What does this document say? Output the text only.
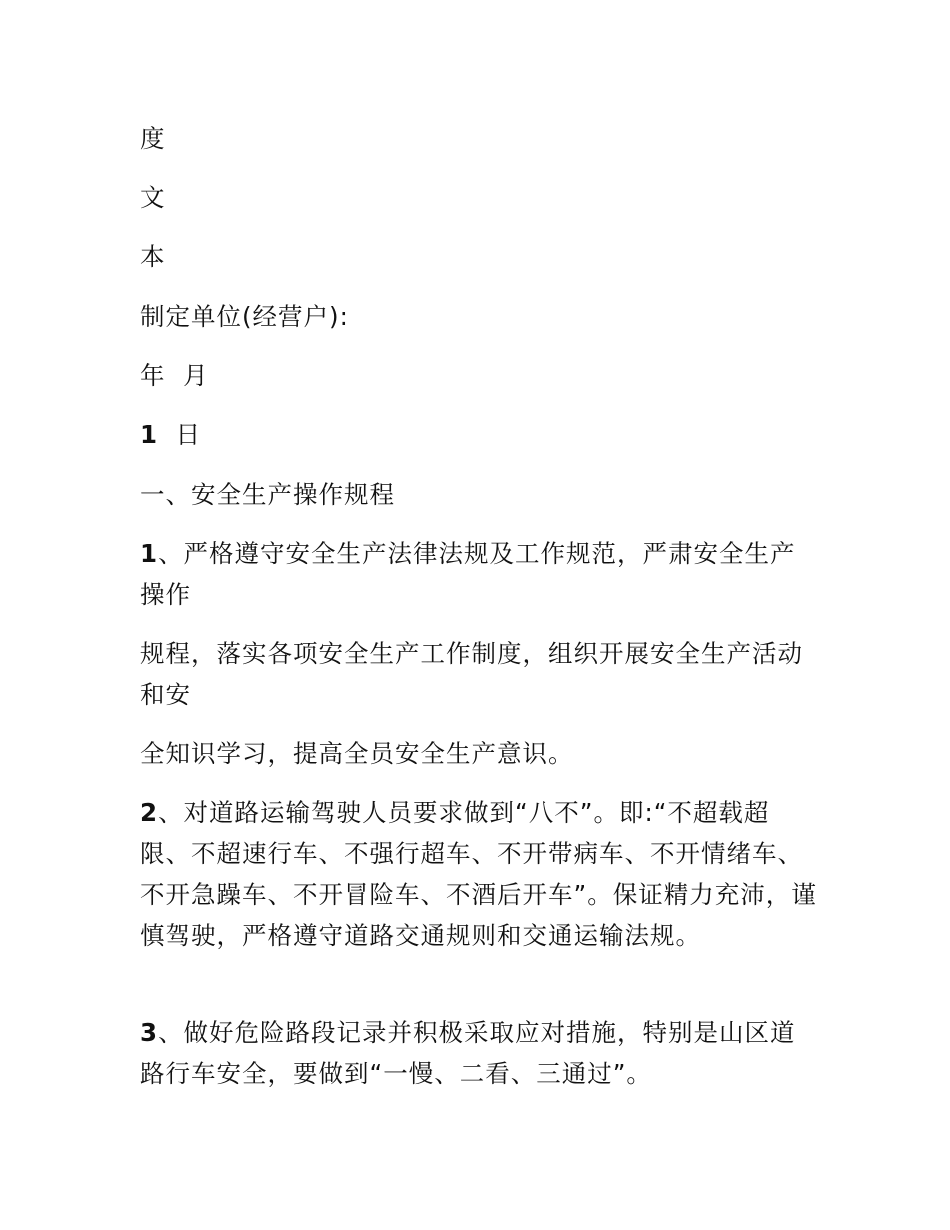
度

文

本

制定单位(经营户):

年  月

1  日

一、安全生产操作规程

1、严格遵守安全生产法律法规及工作规范，严肃安全生产操作

规程，落实各项安全生产工作制度，组织开展安全生产活动和安

全知识学习，提高全员安全生产意识。

2、对道路运输驾驶人员要求做到“八不”。即:“不超载超限、不超速行车、不强行超车、不开带病车、不开情绪车、不开急躁车、不开冒险车、不酒后开车”。保证精力充沛，谨慎驾驶，严格遵守道路交通规则和交通运输法规。

3、做好危险路段记录并积极采取应对措施，特别是山区道路行车安全，要做到“一慢、二看、三通过”。
